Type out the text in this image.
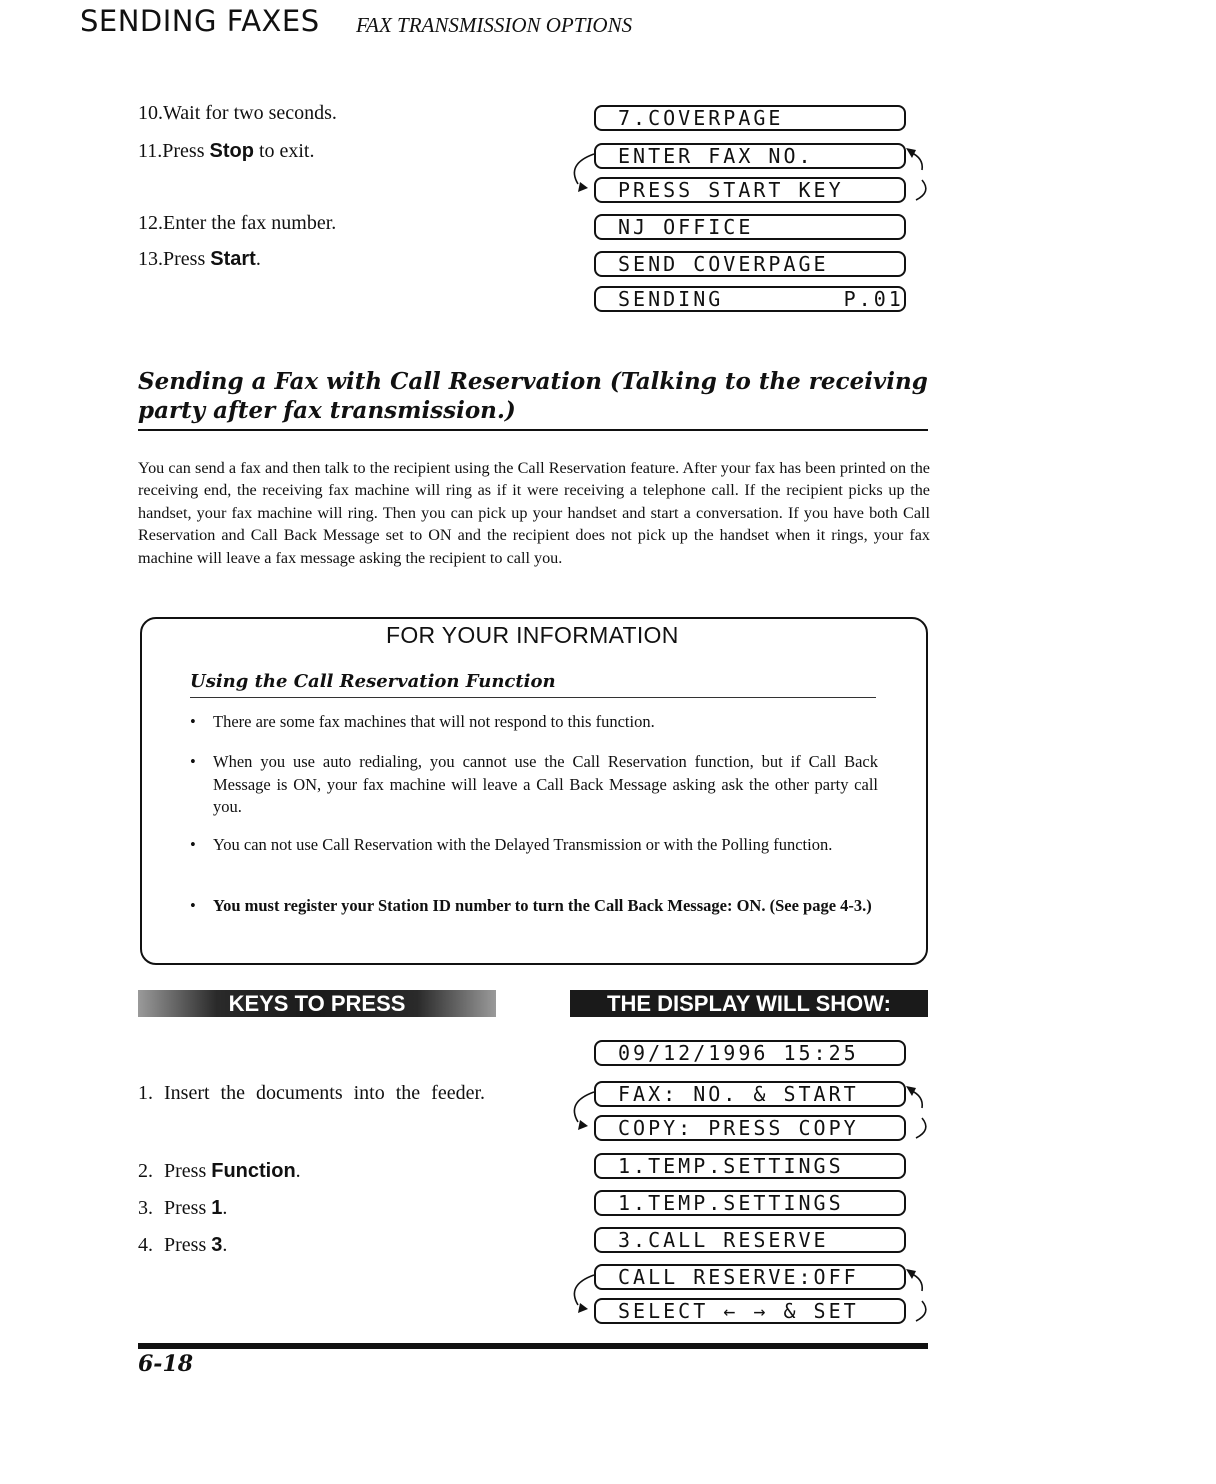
SENDING FAXES FAX TRANSMISSION OPTIONS
10.Wait for two seconds.
11.Press Stop to exit.
12.Enter the fax number.
13.Press Start.
7.COVERPAGE
ENTER FAX NO.
PRESS START KEY
NJ OFFICE
SEND COVERPAGE
SENDING        P.01
Sending a Fax with Call Reservation (Talking to the receiving party after fax transmission.)
You can send a fax and then talk to the recipient using the Call Reservation feature. After your fax has been printed on the receiving end, the receiving fax machine will ring as if it were receiving a telephone call. If the recipient picks up the handset, your fax machine will ring. Then you can pick up your handset and start a conversation. If you have both Call Reservation and Call Back Message set to ON and the recipient does not pick up the handset when it rings, your fax machine will leave a fax message asking the recipient to call you.
FOR YOUR INFORMATION
Using the Call Reservation Function
• There are some fax machines that will not respond to this function.
• When you use auto redialing, you cannot use the Call Reservation function, but if Call Back Message is ON, your fax machine will leave a Call Back Message asking ask the other party call you.
• You can not use Call Reservation with the Delayed Transmission or with the Polling function.
• You must register your Station ID number to turn the Call Back Message: ON. (See page 4-3.)
KEYS TO PRESS	THE DISPLAY WILL SHOW:
1. Insert the documents into the feeder.
2. Press Function.
3. Press 1.
4. Press 3.
09/12/1996 15:25
FAX: NO. & START
COPY: PRESS COPY
1.TEMP.SETTINGS
1.TEMP.SETTINGS
3.CALL RESERVE
CALL RESERVE:OFF
SELECT ← → & SET
6-18
